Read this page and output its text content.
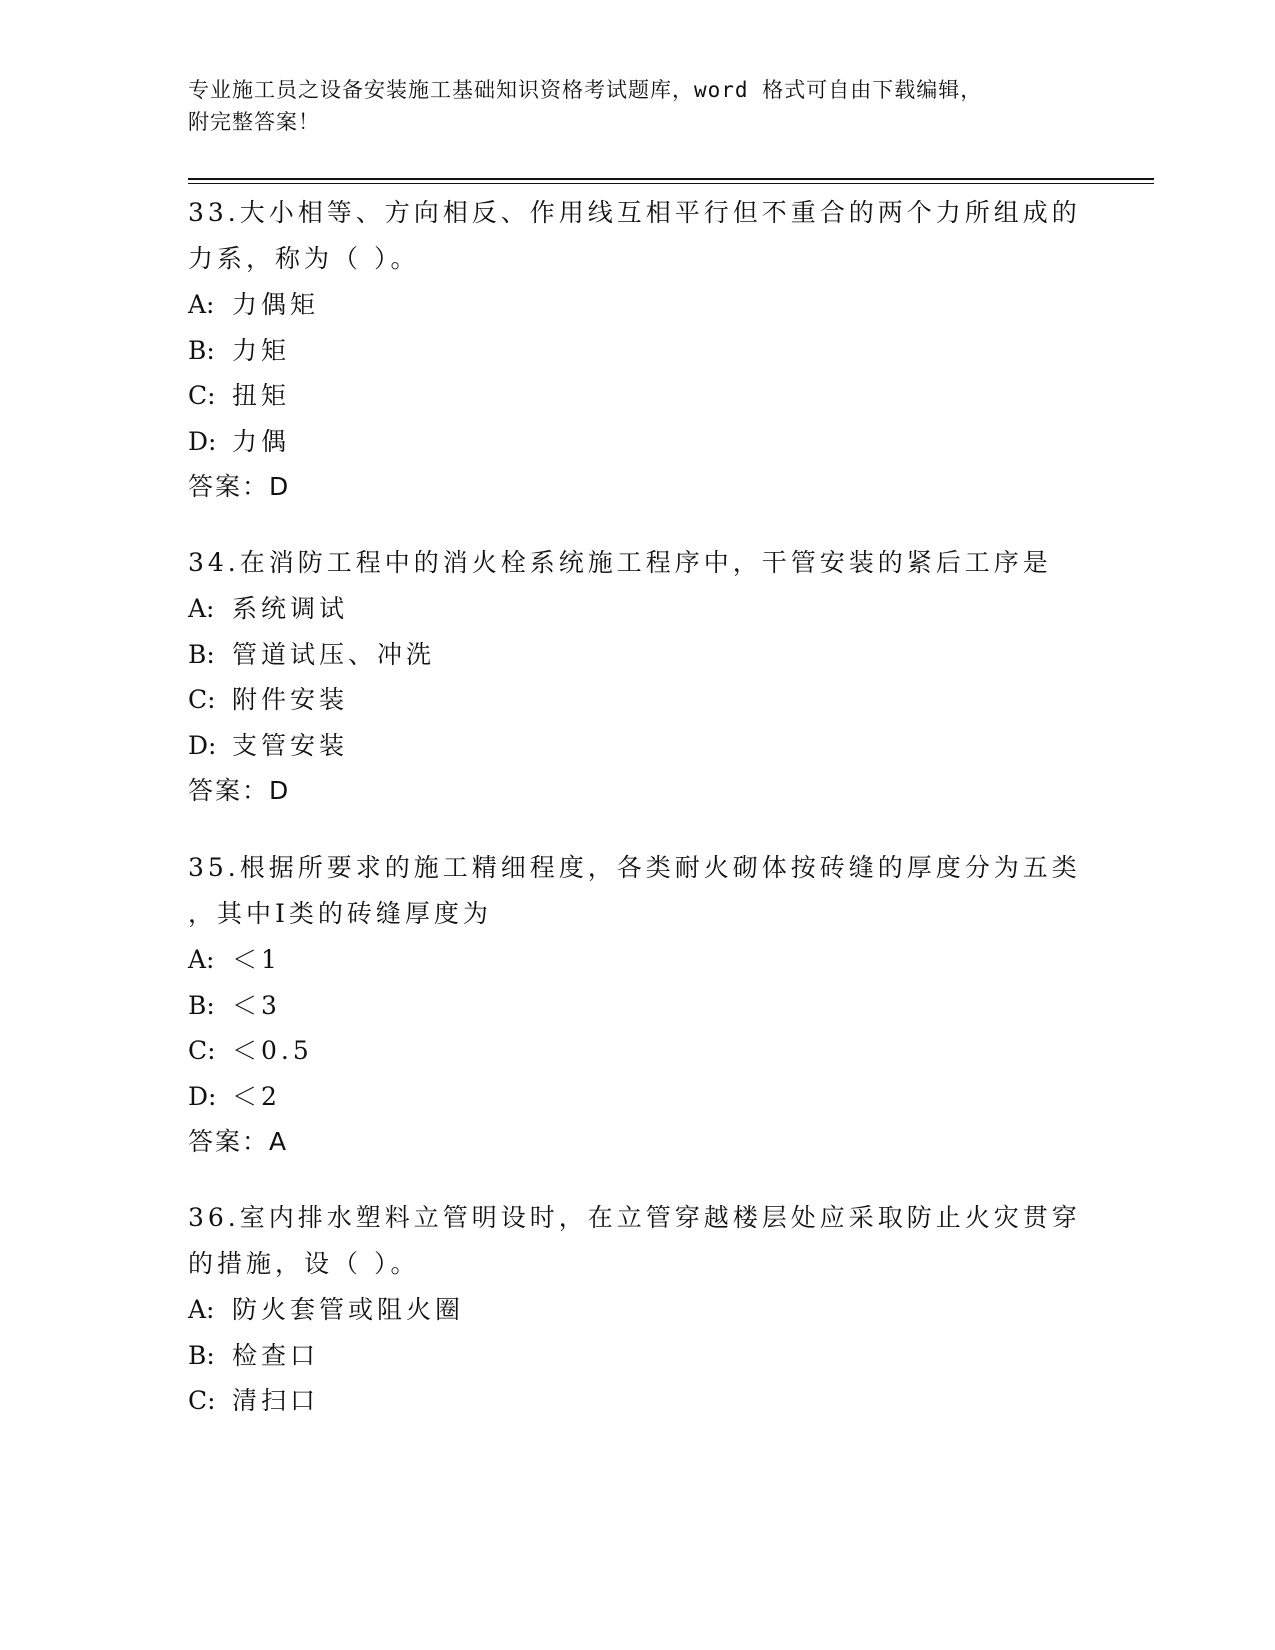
专业施工员之设备安装施工基础知识资格考试题库，word 格式可自由下载编辑，
附完整答案！
33.大小相等、方向相反、作用线互相平行但不重合的两个力所组成的
力系，称为（ ）。
A: 力偶矩
B: 力矩
C: 扭矩
D: 力偶
答案：D
34.在消防工程中的消火栓系统施工程序中，干管安装的紧后工序是
A: 系统调试
B: 管道试压、冲洗
C: 附件安装
D: 支管安装
答案：D
35.根据所要求的施工精细程度，各类耐火砌体按砖缝的厚度分为五类
，其中Ⅰ类的砖缝厚度为
A: ＜1
B: ＜3
C: ＜0.5
D: ＜2
答案：A
36.室内排水塑料立管明设时，在立管穿越楼层处应采取防止火灾贯穿
的措施，设（ ）。
A: 防火套管或阻火圈
B: 检查口
C: 清扫口
